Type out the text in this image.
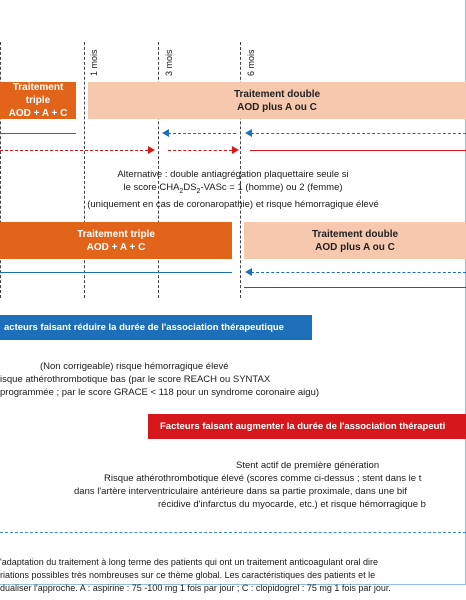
1 mois	3 mois	6 mois
Traitement triple
AOD + A + C
Traitement double
AOD plus A ou C
Alternative : double antiagrégation plaquettaire seule si
le score $CHA_2DS_2$-VASc = 1 (homme) ou 2 (femme)
(uniquement en cas de coronaropathie) et risque hémorragique élevé
Traitement triple
AOD + A + C
Traitement double
AOD plus A ou C
acteurs faisant réduire la durée de l'association thérapeutique
(Non corrigeable) risque hémorragique élevé
isque athérothrombotique bas (par le score REACH ou SYNTAX
programmée ; par le score GRACE < 118 pour un syndrome coronaire aigu)
Facteurs faisant augmenter la durée de l'association thérapeuti
Stent actif de première génération
Risque athérothrombotique élevé (scores comme ci-dessus ; stent dans le t
dans l'artère interventriculaire antérieure dans sa partie proximale, dans une bif
récidive d'infarctus du myocarde, etc.) et risque hémorragique b
'adaptation du traitement à long terme des patients qui ont un traitement anticoagulant oral dire
riations possibles très nombreuses sur ce thème global. Les caractéristiques des patients et le
dualiser l'approche. A : aspirine : 75 -100 mg 1 fois par jour ; C : clopidogrel : 75 mg 1 fois par jour.
